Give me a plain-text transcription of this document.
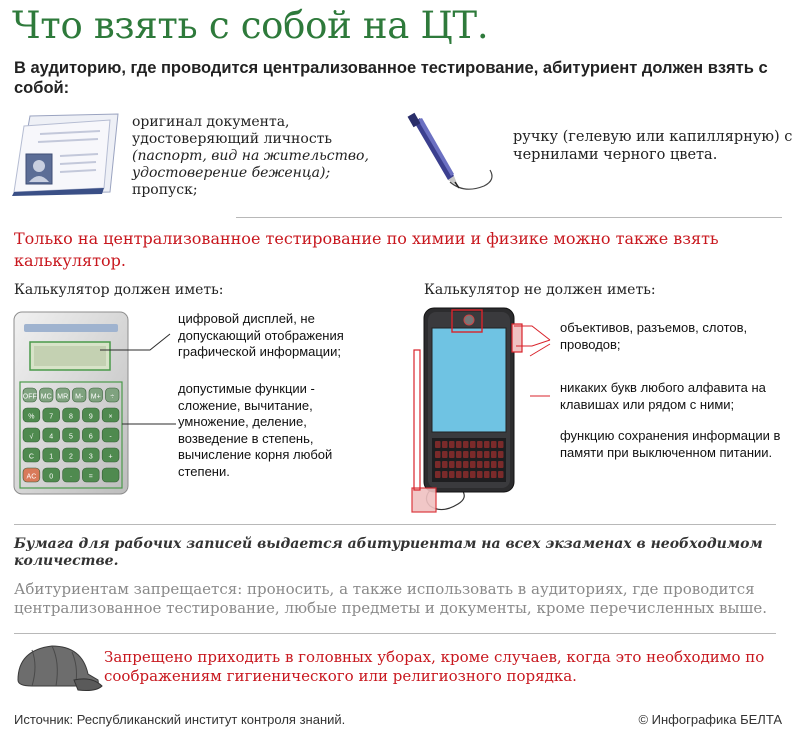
Что взять с собой на ЦТ.
В аудиторию, где проводится централизованное тестирование, абитуриент должен взять с собой:
оригинал документа,
удостоверяющий личность
(паспорт, вид на жительство,
удостоверение беженца);
пропуск;
ручку (гелевую или капиллярную) с чернилами черного цвета.
Только на централизованное тестирование по химии и физике можно также взять калькулятор.
Калькулятор должен иметь:	Калькулятор не должен иметь:
OFF MC MR M- M+ ÷
% 7 8 9 ×
√ 4 5 6 -
C 1 2 3 +
AC 0 · =
цифровой дисплей, не допускающий отображения графической информации;
допустимые функции - сложение, вычитание, умножение, деление, возведение в степень, вычисление корня любой степени.
объективов, разъемов, слотов, проводов;
никаких букв любого алфавита на клавишах или рядом с ними;
функцию сохранения информации в памяти при выключенном питании.
Бумага для рабочих записей выдается абитуриентам на всех экзаменах в необходимом количестве.
Абитуриентам запрещается: проносить, а также использовать в аудиториях, где проводится централизованное тестирование, любые предметы и документы, кроме перечисленных выше.
Запрещено приходить в головных уборах, кроме случаев, когда это необходимо по соображениям гигиенического или религиозного порядка.
Источник: Республиканский институт контроля знаний.	© Инфографика БЕЛТА
